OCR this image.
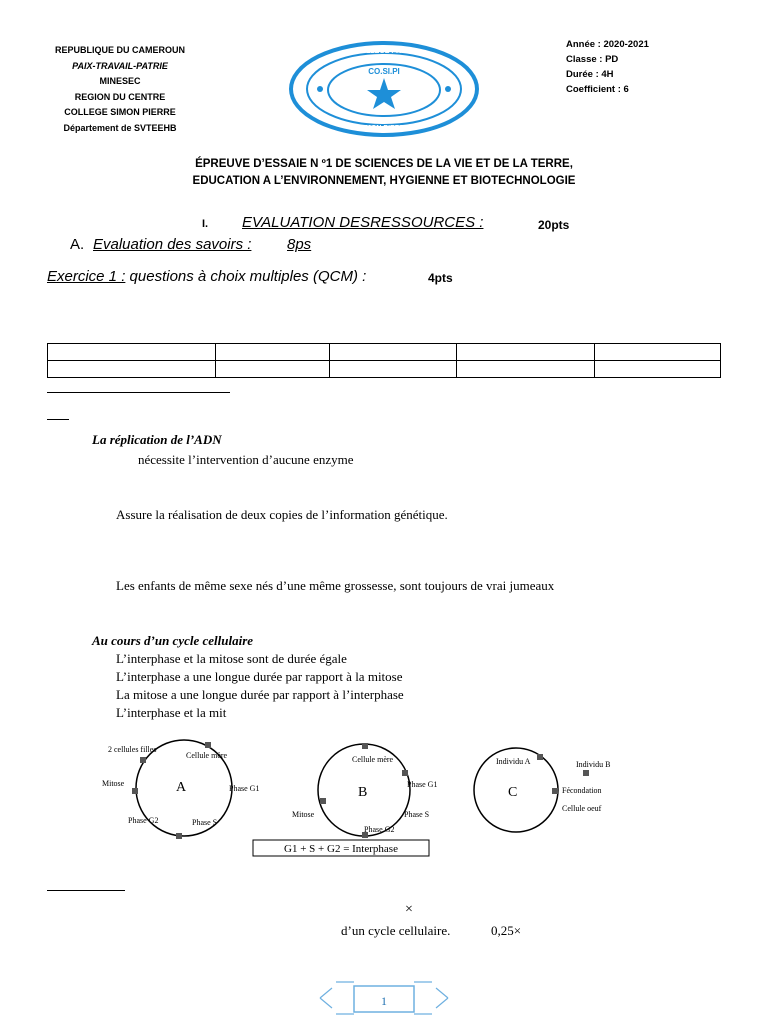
REPUBLIQUE DU CAMEROUN
PAIX-TRAVAIL-PATRIE
MINESEC
REGION DU CENTRE
COLLEGE SIMON PIERRE
Département de SVTEEHB
COLLEGE PRIVE
CO.SI.PI
SIMON PIERRE
Année : 2020-2021
Classe : PD
Durée : 4H
Coefficient : 6
ÉPREUVE D’ESSAIE N º1 DE SCIENCES DE LA VIE ET DE LA TERRE,
EDUCATION A L’ENVIRONNEMENT, HYGIENNE ET BIOTECHNOLOGIE
I. EVALUATION DESRESSOURCES :	20pts
A. Evaluation des savoirs : 8ps
Exercice 1 : questions à choix multiples (QCM) :	4pts

La réplication de l’ADN
nécessite l’intervention d’aucune enzyme
Assure la réalisation de deux copies de l’information génétique.
Les enfants de même sexe nés d’une même grossesse, sont toujours de vrai jumeaux
Au cours d’un cycle cellulaire
L’interphase et la mitose sont de durée égale
L’interphase a une longue durée par rapport à la mitose
La mitose a une longue durée par rapport à l’interphase
L’interphase et la mit
A
2 cellules filles
Cellule mère
Mitose
Phase G1
Phase G2	Phase S
B
Cellule mère
Phase G1
Mitose	Phase S
Phase G2
C
Individu A	Individu B
Fécondation
Cellule oeuf
G1 + S + G2 = Interphase
×
d’un cycle cellulaire.	0,25×
1
